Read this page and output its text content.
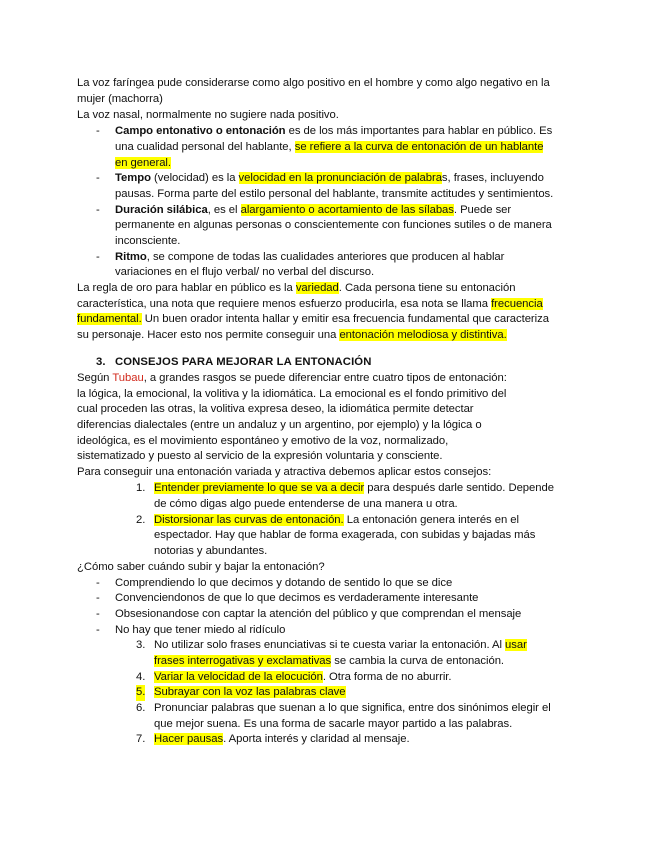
La voz faríngea pude considerarse como algo positivo en el hombre y como algo negativo en la
mujer (machorra)
La voz nasal, normalmente no sugiere nada positivo.
- Campo entonativo o entonación es de los más importantes para hablar en público. Es
una cualidad personal del hablante, se refiere a la curva de entonación de un hablante
en general.
- Tempo (velocidad) es la velocidad en la pronunciación de palabras, frases, incluyendo
pausas. Forma parte del estilo personal del hablante, transmite actitudes y sentimientos.
- Duración silábica, es el alargamiento o acortamiento de las sílabas. Puede ser
permanente en algunas personas o conscientemente con funciones sutiles o de manera
inconsciente.
- Ritmo, se compone de todas las cualidades anteriores que producen al hablar
variaciones en el flujo verbal/ no verbal del discurso.
La regla de oro para hablar en público es la variedad. Cada persona tiene su entonación
característica, una nota que requiere menos esfuerzo producirla, esa nota se llama frecuencia
fundamental. Un buen orador intenta hallar y emitir esa frecuencia fundamental que caracteriza
su personaje. Hacer esto nos permite conseguir una entonación melodiosa y distintiva.
3. CONSEJOS PARA MEJORAR LA ENTONACIÓN
Según Tubau, a grandes rasgos se puede diferenciar entre cuatro tipos de entonación:
la lógica, la emocional, la volitiva y la idiomática. La emocional es el fondo primitivo del
cual proceden las otras, la volitiva expresa deseo, la idiomática permite detectar
diferencias dialectales (entre un andaluz y un argentino, por ejemplo) y la lógica o
ideológica, es el movimiento espontáneo y emotivo de la voz, normalizado,
sistematizado y puesto al servicio de la expresión voluntaria y consciente.
Para conseguir una entonación variada y atractiva debemos aplicar estos consejos:
1. Entender previamente lo que se va a decir para después darle sentido. Depende
de cómo digas algo puede entenderse de una manera u otra.
2. Distorsionar las curvas de entonación. La entonación genera interés en el
espectador. Hay que hablar de forma exagerada, con subidas y bajadas más
notorias y abundantes.
¿Cómo saber cuándo subir y bajar la entonación?
- Comprendiendo lo que decimos y dotando de sentido lo que se dice
- Convenciendonos de que lo que decimos es verdaderamente interesante
- Obsesionandose con captar la atención del público y que comprendan el mensaje
- No hay que tener miedo al ridículo
3. No utilizar solo frases enunciativas si te cuesta variar la entonación. Al usar
frases interrogativas y exclamativas se cambia la curva de entonación.
4. Variar la velocidad de la elocución. Otra forma de no aburrir.
5. Subrayar con la voz las palabras clave
6. Pronunciar palabras que suenan a lo que significa, entre dos sinónimos elegir el
que mejor suena. Es una forma de sacarle mayor partido a las palabras.
7. Hacer pausas. Aporta interés y claridad al mensaje.
